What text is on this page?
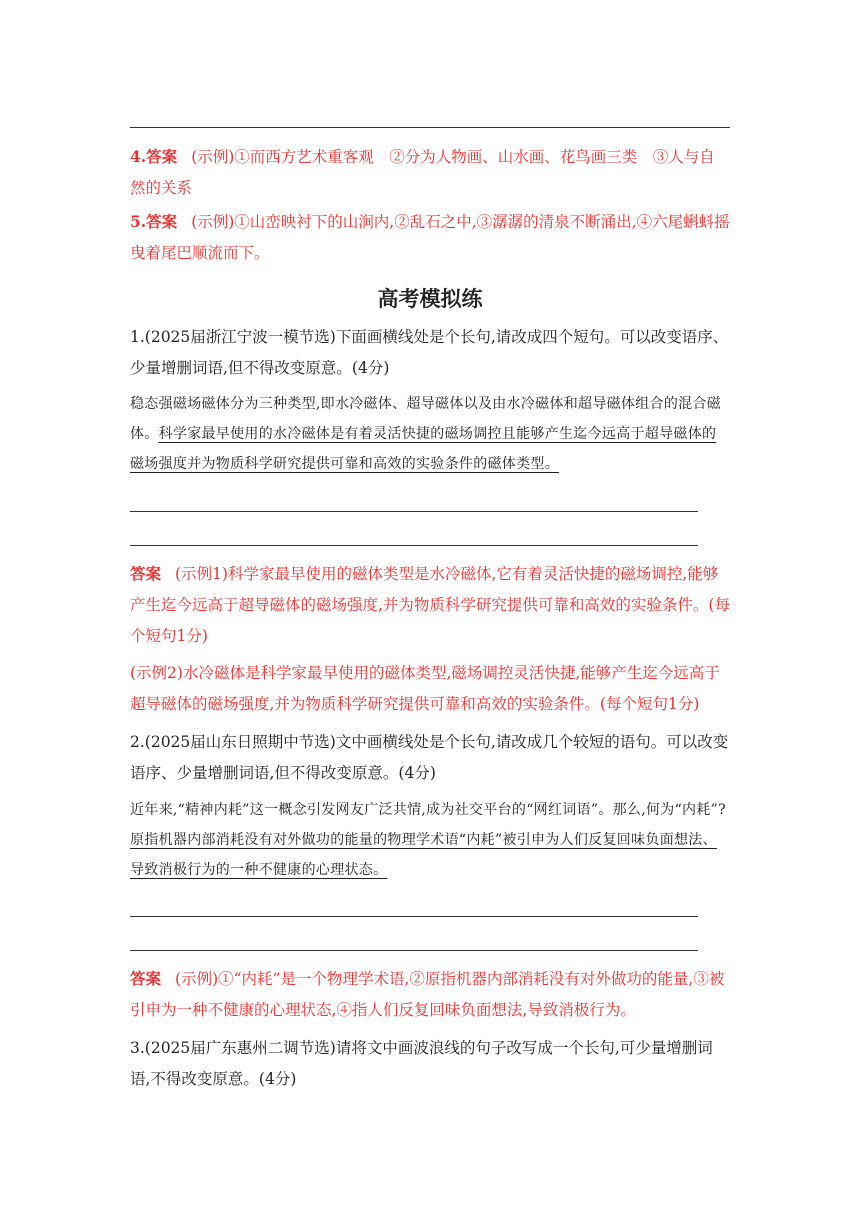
4.答案 (示例)①而西方艺术重客观　②分为人物画、山水画、花鸟画三类　③人与自然的关系
5.答案 (示例)①山峦映衬下的山涧内,②乱石之中,③潺潺的清泉不断涌出,④六尾蝌蚪摇曳着尾巴顺流而下。
高考模拟练
1.(2025届浙江宁波一模节选)下面画横线处是个长句,请改成四个短句。可以改变语序、少量增删词语,但不得改变原意。(4分)
稳态强磁场磁体分为三种类型,即水冷磁体、超导磁体以及由水冷磁体和超导磁体组合的混合磁体。科学家最早使用的水冷磁体是有着灵活快捷的磁场调控且能够产生迄今远高于超导磁体的磁场强度并为物质科学研究提供可靠和高效的实验条件的磁体类型。
答案 (示例1)科学家最早使用的磁体类型是水冷磁体,它有着灵活快捷的磁场调控,能够产生迄今远高于超导磁体的磁场强度,并为物质科学研究提供可靠和高效的实验条件。(每个短句1分)
(示例2)水冷磁体是科学家最早使用的磁体类型,磁场调控灵活快捷,能够产生迄今远高于超导磁体的磁场强度,并为物质科学研究提供可靠和高效的实验条件。(每个短句1分)
2.(2025届山东日照期中节选)文中画横线处是个长句,请改成几个较短的语句。可以改变语序、少量增删词语,但不得改变原意。(4分)
近年来,“精神内耗”这一概念引发网友广泛共情,成为社交平台的“网红词语”。那么,何为“内耗”?原指机器内部消耗没有对外做功的能量的物理学术语“内耗”被引申为人们反复回味负面想法、导致消极行为的一种不健康的心理状态。
答案 (示例)①“内耗”是一个物理学术语,②原指机器内部消耗没有对外做功的能量,③被引申为一种不健康的心理状态,④指人们反复回味负面想法,导致消极行为。
3.(2025届广东惠州二调节选)请将文中画波浪线的句子改写成一个长句,可少量增删词语,不得改变原意。(4分)
